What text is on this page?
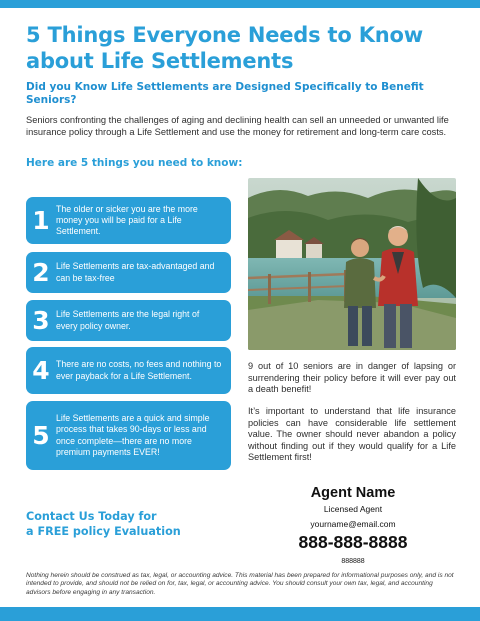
5 Things Everyone Needs to Know about Life Settlements
Did you Know Life Settlements are Designed Specifically to Benefit Seniors?

Seniors confronting the challenges of aging and declining health can sell an unneeded or unwanted life insurance policy through a Life Settlement and use the money for retirement and long-term care costs.

Here are 5 things you need to know:
1 The older or sicker you are the more money you will be paid for a Life Settlement.
2 Life Settlements are tax-advantaged and can be tax-free
3 Life Settlements are the legal right of every policy owner.
4 There are no costs, no fees and nothing to ever payback for a Life Settlement.
5
Life Settlements are a quick and simple process that takes 90-days or less and once complete—there are no more premium payments EVER!

9 out of 10 seniors are in danger of lapsing or surrendering their policy before it will ever pay out a death benefit!

It’s important to understand that life insurance policies can have considerable life settlement value. The owner should never abandon a policy without finding out if they would qualify for a Life Settlement first!

Contact Us Today for
a FREE policy Evaluation
Agent Name
Licensed Agent
yourname@email.com
888-888-8888
888888

Nothing herein should be construed as tax, legal, or accounting advice. This material has been prepared for informational purposes only, and is not intended to provide, and should not be relied on for, tax, legal, or accounting advice. You should consult your own tax, legal, and accounting advisors before engaging in any transaction.
